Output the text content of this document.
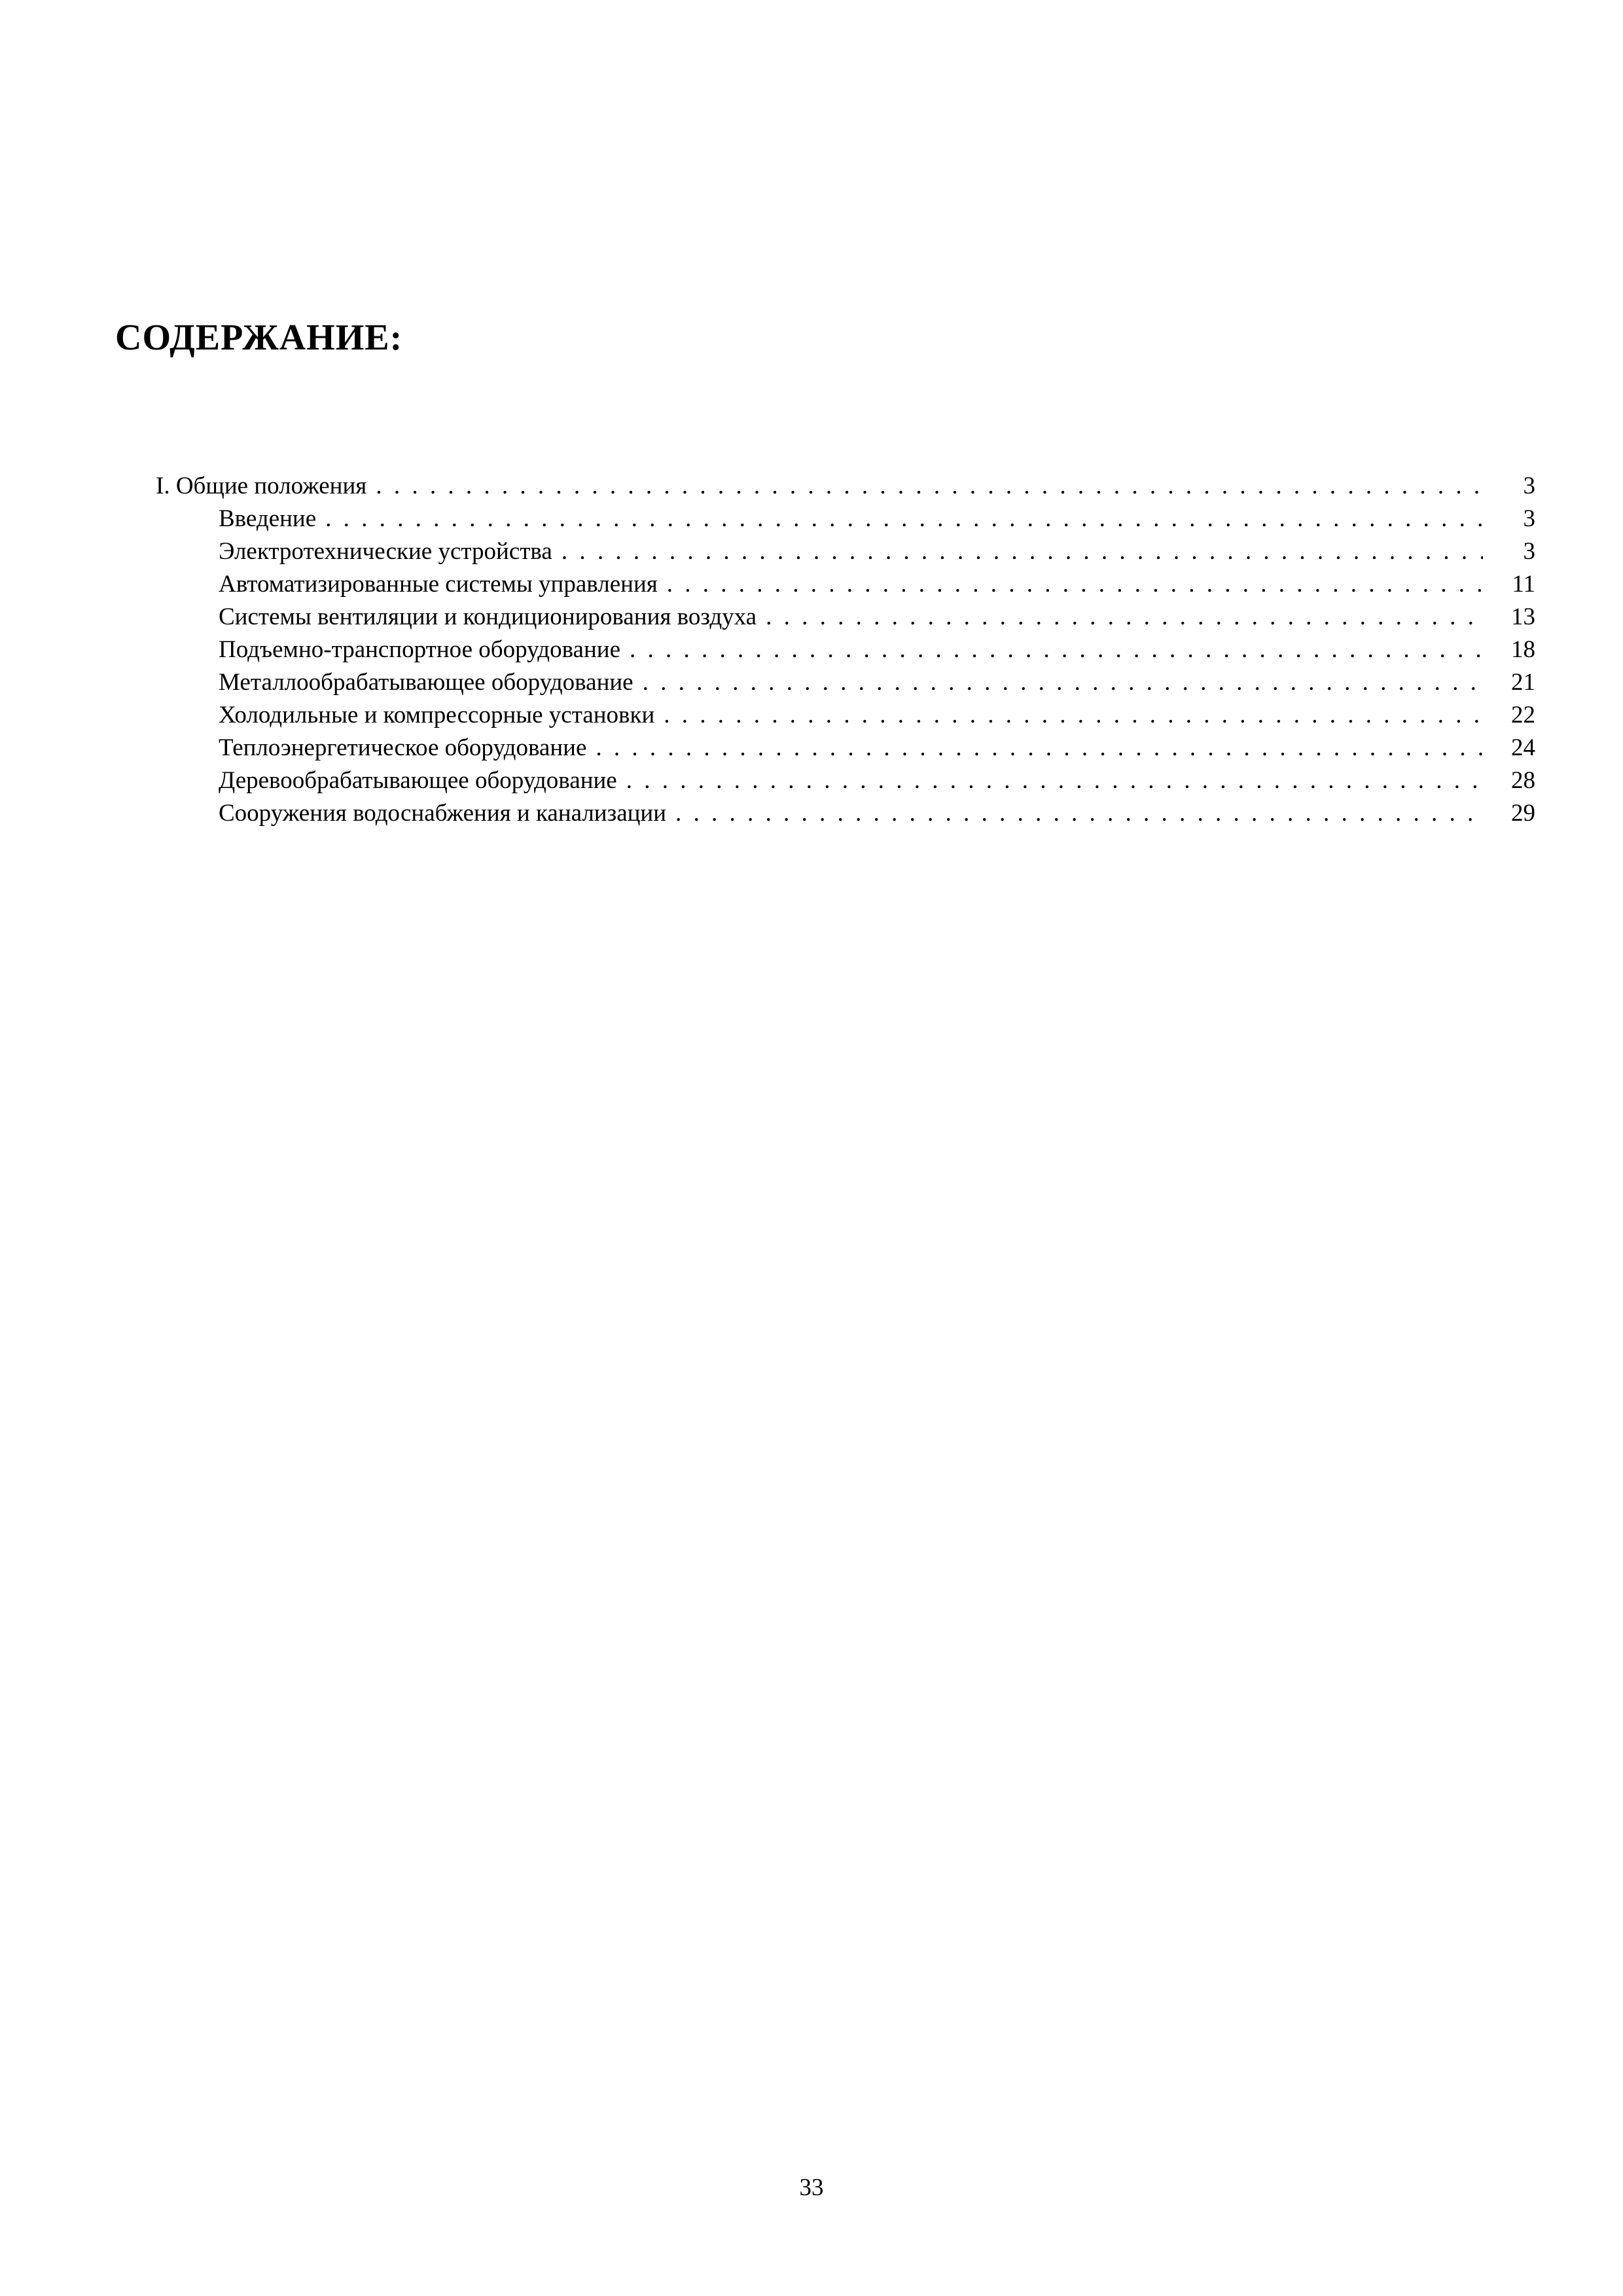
СОДЕРЖАНИЕ:
I. Общие положения . . .	3
Введение . . .	3
Электротехнические устройства . . .	3
Автоматизированные системы управления . . .	11
Системы вентиляции и кондиционирования воздуха . . .	13
Подъемно-транспортное оборудование . . .	18
Металлообрабатывающее оборудование . . .	21
Холодильные и компрессорные установки . . .	22
Теплоэнергетическое оборудование . . .	24
Деревообрабатывающее оборудование . . .	28
Сооружения водоснабжения и канализации . . .	29

33
